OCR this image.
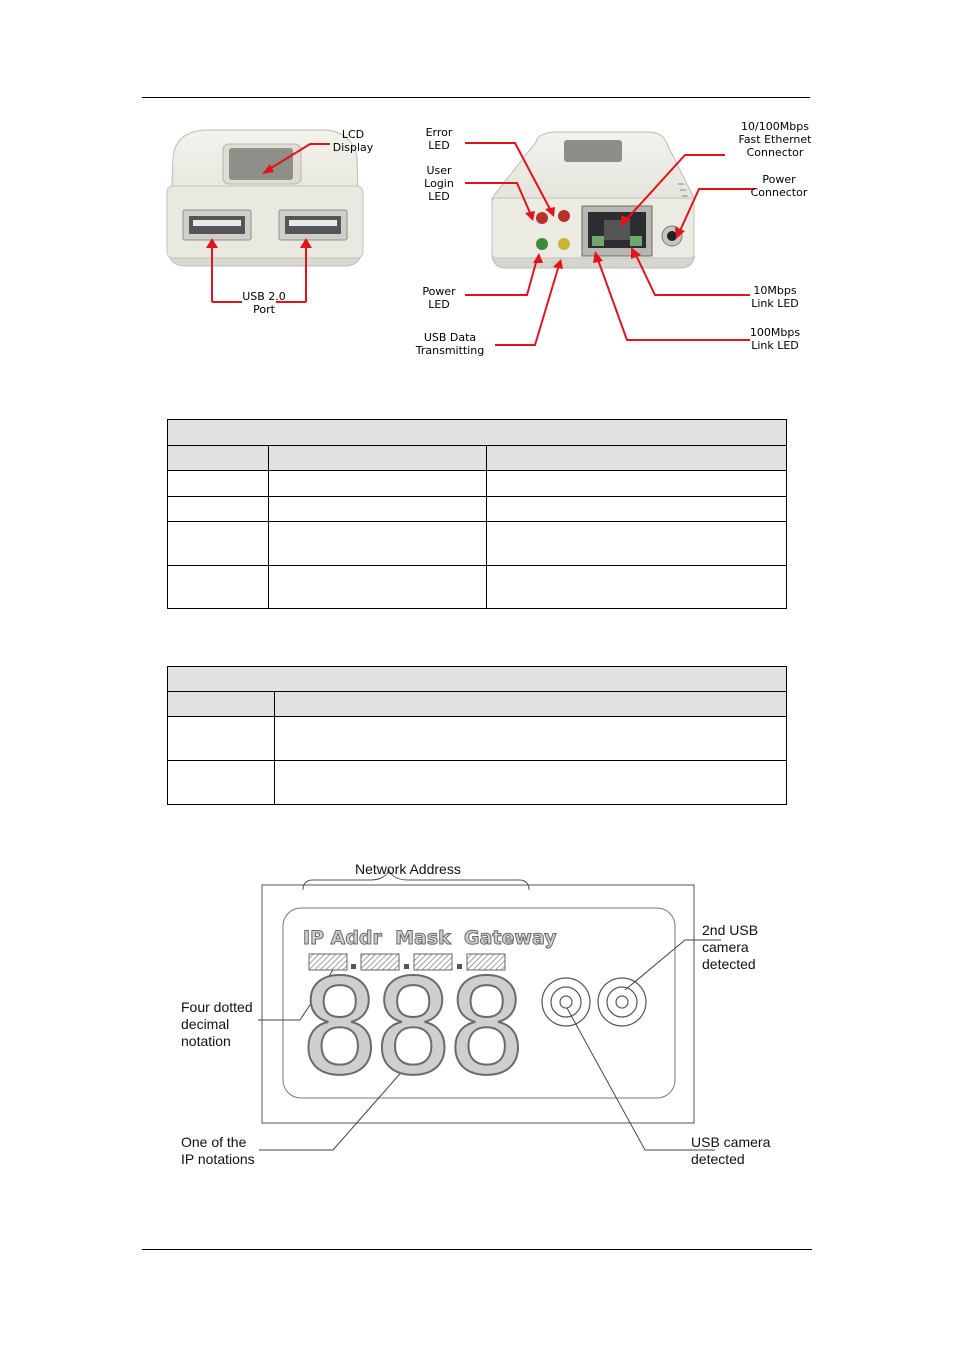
LCD
Display
USB 2.0
Port
Error
LED
User
Login
LED
Power
LED
USB Data
Transmitting
10/100Mbps
Fast Ethernet
Connector
Power
Connector
10Mbps
Link LED
100Mbps
Link LED

IP Addr  Mask  Gateway
888
Network Address
Four dotted
decimal
notation
One of the
IP notations
2nd USB
camera
detected
USB camera
detected
